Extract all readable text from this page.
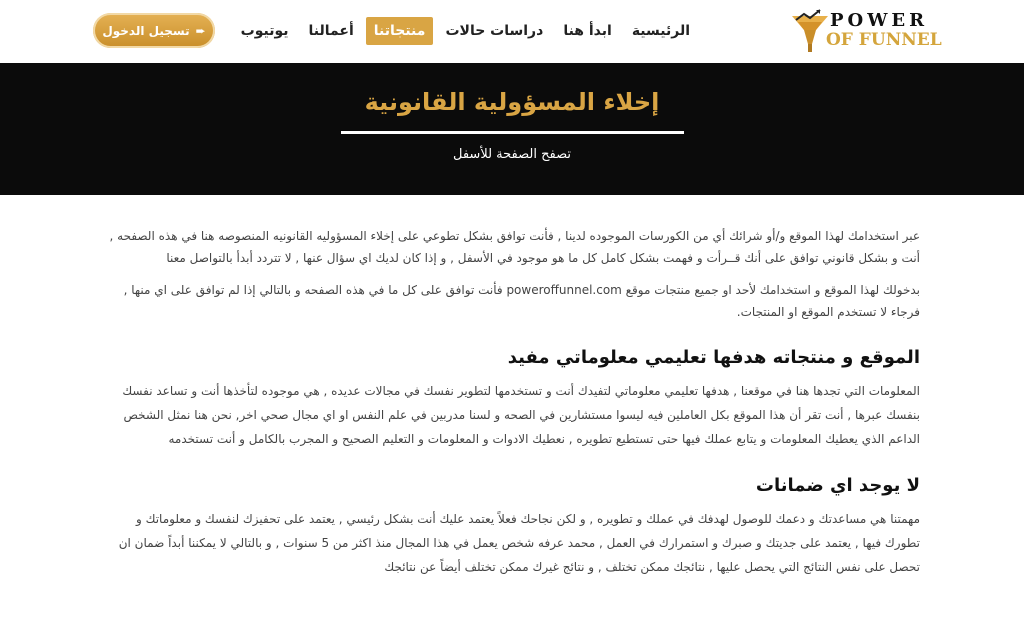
POWER
OF FUNNEL
الرئيسية
ابدأ هنا
دراسات حالات
منتجاتنا
أعمالنا
يوتيوب
تسجيل الدخول ➨
إخلاء المسؤولية القانونية
تصفح الصفحة للأسفل

عبر استخدامك لهذا الموقع و/أو شرائك أي من الكورسات الموجوده لدينا , فأنت توافق بشكل تطوعي على إخلاء المسؤوليه القانونيه المنصوصه هنا في هذه الصفحه , أنت و بشكل قانوني توافق على أنك قــرأت و فهمت بشكل كامل كل ما هو موجود في الأسفل , و إذا كان لديك اي سؤال عنها , لا تتردد أبدأ بالتواصل معنا

بدخولك لهذا الموقع و استخدامك لأحد او جميع منتجات موقع poweroffunnel.com فأنت توافق على كل ما في هذه الصفحه و بالتالي إذا لم توافق على اي منها , فرجاء لا تستخدم الموقع او المنتجات.

الموقع و منتجاته هدفها تعليمي معلوماتي مفيد

المعلومات التي تجدها هنا في موقعنا , هدفها تعليمي معلوماتي لتفيدك أنت و تستخدمها لتطوير نفسك في مجالات عديده , هي موجوده لتأخذها أنت و تساعد نفسك بنفسك عبرها , أنت تقر أن هذا الموقع بكل العاملين فيه ليسوا مستشارين في الصحه و لسنا مدربين في علم النفس او اي مجال صحي اخر, نحن هنا نمثل الشخص الداعم الذي يعطيك المعلومات و يتابع عملك فيها حتى تستطيع تطويره , نعطيك الادوات و المعلومات و التعليم الصحيح و المجرب بالكامل و أنت تستخدمه

لا يوجد اي ضمانات

مهمتنا هي مساعدتك و دعمك للوصول لهدفك في عملك و تطويره , و لكن نجاحك فعلاً يعتمد عليك أنت بشكل رئيسي , يعتمد على تحفيزك لنفسك و معلوماتك و تطورك فيها , يعتمد على جديتك و صبرك و استمرارك في العمل , محمد عرفه شخص يعمل في هذا المجال منذ اكثر من 5 سنوات , و بالتالي لا يمكننا أبداً ضمان ان تحصل على نفس النتائج التي يحصل عليها , نتائجك ممكن تختلف , و نتائج غيرك ممكن تختلف أيضاً عن نتائجك
